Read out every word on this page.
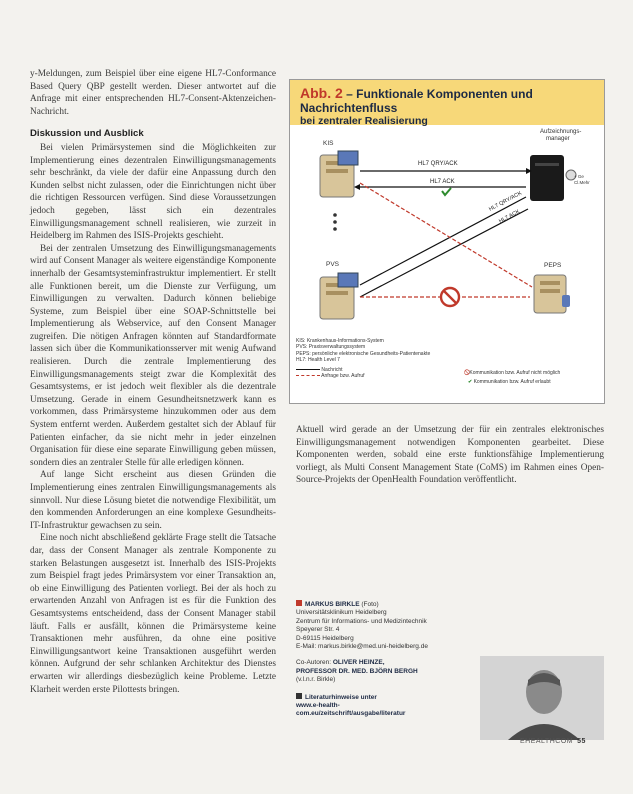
y-Meldungen, zum Beispiel über eine eigene HL7-Conformance Based Query QBP gestellt werden. Dieser antwortet auf die Anfrage mit einer entsprechenden HL7-Consent-Aktenzeichen-Nachricht.

Diskussion und Ausblick

Bei vielen Primärsystemen sind die Möglichkeiten zur Implementierung eines dezentralen Einwilligungsmanagements sehr beschränkt, da viele der dafür eine Anpassung durch den Kunden selbst nicht zulassen, oder die Einrichtungen nicht über die richtigen Ressourcen verfügen. Sind diese Voraussetzungen jedoch gegeben, lässt sich ein dezentrales Einwilligungsmanagement schnell realisieren, wie zurzeit in Heidelberg im Rahmen des ISIS-Projekts geschieht.

Bei der zentralen Umsetzung des Einwilligungsmanagements wird auf Consent Manager als weitere eigenständige Komponente innerhalb der Gesamtsysteminfrastruktur implementiert. Er stellt alle Funktionen bereit, um die Dienste zur Verfügung, um Einwilligungen zu verwalten. Dadurch können beliebige Systeme, zum Beispiel über eine SOAP-Schnittstelle bei Implementierung als Webservice, auf den Consent Manager zugreifen. Die nötigen Anfragen könnten auf Standardformate lassen sich über die Kommunikationsserver mit wenig Aufwand realisieren. Durch die zentrale Implementierung des Einwilligungsmanagements steigt zwar die Komplexität des Gesamtsystems, er ist jedoch weit flexibler als die dezentrale Umsetzung. Gerade in einem Gesundheitsnetzwerk kann es vorkommen, dass Primärsysteme hinzukommen oder aus dem System entfernt werden. Außerdem gestaltet sich der Ablauf für Patienten einfacher, da sie nicht mehr in jeder einzelnen Organisation für diese eine separate Einwilligung geben müssen, sondern dies an zentraler Stelle für alle erledigen können.

Auf lange Sicht erscheint aus diesen Gründen die Implementierung eines zentralen Einwilligungsmanagements als sinnvoll. Nur diese Lösung bietet die notwendige Flexibilität, um den kommenden Anforderungen an eine komplexe Gesundheits-IT-Infrastruktur gewachsen zu sein.

Eine noch nicht abschließend geklärte Frage stellt die Tatsache dar, dass der Consent Manager als zentrale Komponente zu starken Belastungen ausgesetzt ist. Innerhalb des ISIS-Projekts zum Beispiel fragt jedes Primärsystem vor einer Transaktion an, ob eine Einwilligung des Patienten vorliegt. Bei der als hoch zu erwartenden Anzahl von Anfragen ist es für die Funktion des Gesamtsystems entscheidend, dass der Consent Manager stabil läuft. Falls er ausfällt, können die Primärsysteme keine Transaktionen mehr ausführen, da ohne eine positive Einwilligungsantwort keine Transaktionen ausgeführt werden können. Aufgrund der sehr schlanken Architektur des Dienstes erwarten wir allerdings diesbezüglich keine Probleme. Letzte Klarheit werden erste Pilottests bringen.

Abb. 2 – Funktionale Komponenten und Nachrichtenfluss
bei zentraler Realisierung
KIS
PVS
Aufzeichnungs-
manager
+ Ge
Cl.Mehr
PEPS
HL7 QRY/ACK
HL7 ACK
HL7 QRY/ACK
HL7 ACK
KIS: Krankenhaus-Informations-System
PVS: Praxisverwaltungssystem
PEPS: persönliche elektronische Gesundheits-Patientenakte
HL7: Health Level 7
Nachricht
Anfrage bzw. Aufruf
Kommunikation bzw. Aufruf nicht möglich
✔ Kommunikation bzw. Aufruf erlaubt

Aktuell wird gerade an der Umsetzung der für ein zentrales elektronisches Einwilligungsmanagement notwendigen Komponenten gearbeitet. Diese Komponenten werden, sobald eine erste funktionsfähige Implementierung vorliegt, als Multi Consent Management State (CoMS) im Rahmen eines Open-Source-Projekts der OpenHealth Foundation veröffentlicht.

MARKUS BIRKLE (Foto)
Universitätsklinikum Heidelberg
Zentrum für Informations- und Medizintechnik
Speyerer Str. 4
D-69115 Heidelberg
E-Mail: markus.birkle@med.uni-heidelberg.de
Co-Autoren: OLIVER HEINZE,
PROFESSOR DR. MED. BJÖRN BERGH
(v.l.n.r. Birkle)
Literaturhinweise unter
www.e-health-
com.eu/zeitschrift/ausgabe/literatur
EHEALTHCOM 55
